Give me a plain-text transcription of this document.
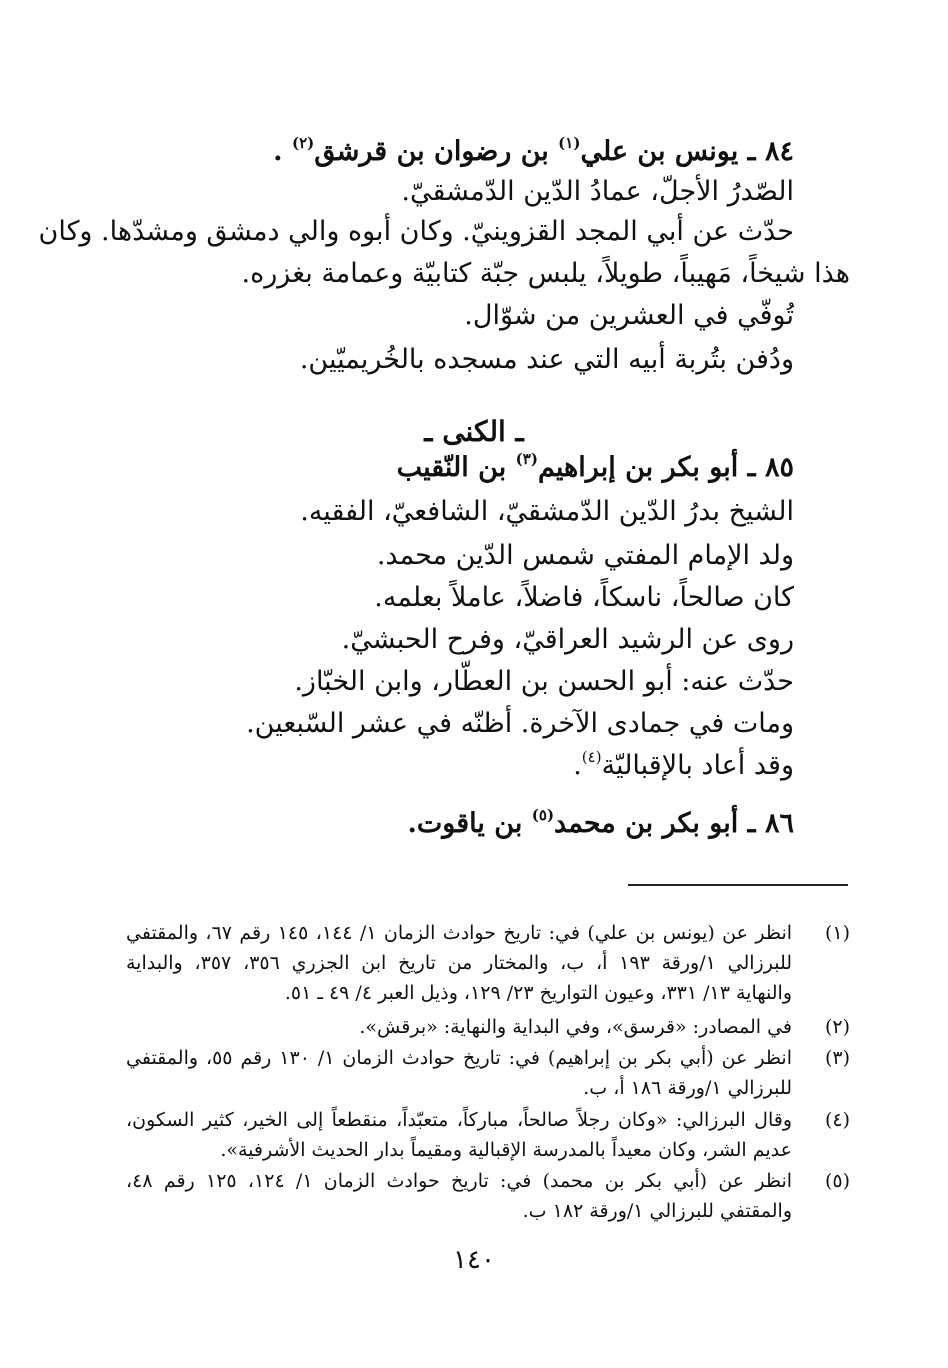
٨٤ ـ يونس بن علي$^{(١)}$ بن رضوان بن قرشق$^{(٢)}$ .
الصّدرُ الأجلّ، عمادُ الدّين الدّمشقيّ.
حدّث عن أبي المجد القزوينيّ. وكان أبوه والي دمشق ومشدّها. وكان
هذا شيخاً، مَهيباً، طويلاً، يلبس جبّة كتابيّة وعمامة بغزره.
تُوفّي في العشرين من شوّال.
ودُفن بتُربة أبيه التي عند مسجده بالخُريميّين.
ـ الكنى ـ
٨٥ ـ أبو بكر بن إبراهيم$^{(٣)}$ بن النّقيب
الشيخ بدرُ الدّين الدّمشقيّ، الشافعيّ، الفقيه.
ولد الإمام المفتي شمس الدّين محمد.
كان صالحاً، ناسكاً، فاضلاً، عاملاً بعلمه.
روى عن الرشيد العراقيّ، وفرح الحبشيّ.
حدّث عنه: أبو الحسن بن العطّار، وابن الخبّاز.
ومات في جمادى الآخرة. أظنّه في عشر السّبعين.
وقد أعاد بالإقباليّة$^{(٤)}$.
٨٦ ـ أبو بكر بن محمد$^{(٥)}$ بن ياقوت.
(١)
انظر عن (يونس بن علي) في: تاريخ حوادث الزمان ١/ ١٤٤، ١٤٥ رقم ٦٧، والمقتفي
للبرزالي ١/ورقة ١٩٣ أ، ب، والمختار من تاريخ ابن الجزري ٣٥٦، ٣٥٧، والبداية
والنهاية ١٣/ ٣٣١، وعيون التواريخ ٢٣/ ١٢٩، وذيل العبر ٤/ ٤٩ ـ ٥١.
(٢)
في المصادر: «قرسق»، وفي البداية والنهاية: «برقش».
(٣)
انظر عن (أبي بكر بن إبراهيم) في: تاريخ حوادث الزمان ١/ ١٣٠ رقم ٥٥، والمقتفي
للبرزالي ١/ورقة ١٨٦ أ، ب.
(٤)
وقال البرزالي: «وكان رجلاً صالحاً، مباركاً، متعبّداً، منقطعاً إلى الخير، كثير السكون،
عديم الشر، وكان معيداً بالمدرسة الإقبالية ومقيماً بدار الحديث الأشرفية».
(٥)
انظر عن (أبي بكر بن محمد) في: تاريخ حوادث الزمان ١/ ١٢٤، ١٢٥ رقم ٤٨،
والمقتفي للبرزالي ١/ورقة ١٨٢ ب.
١٤٠
